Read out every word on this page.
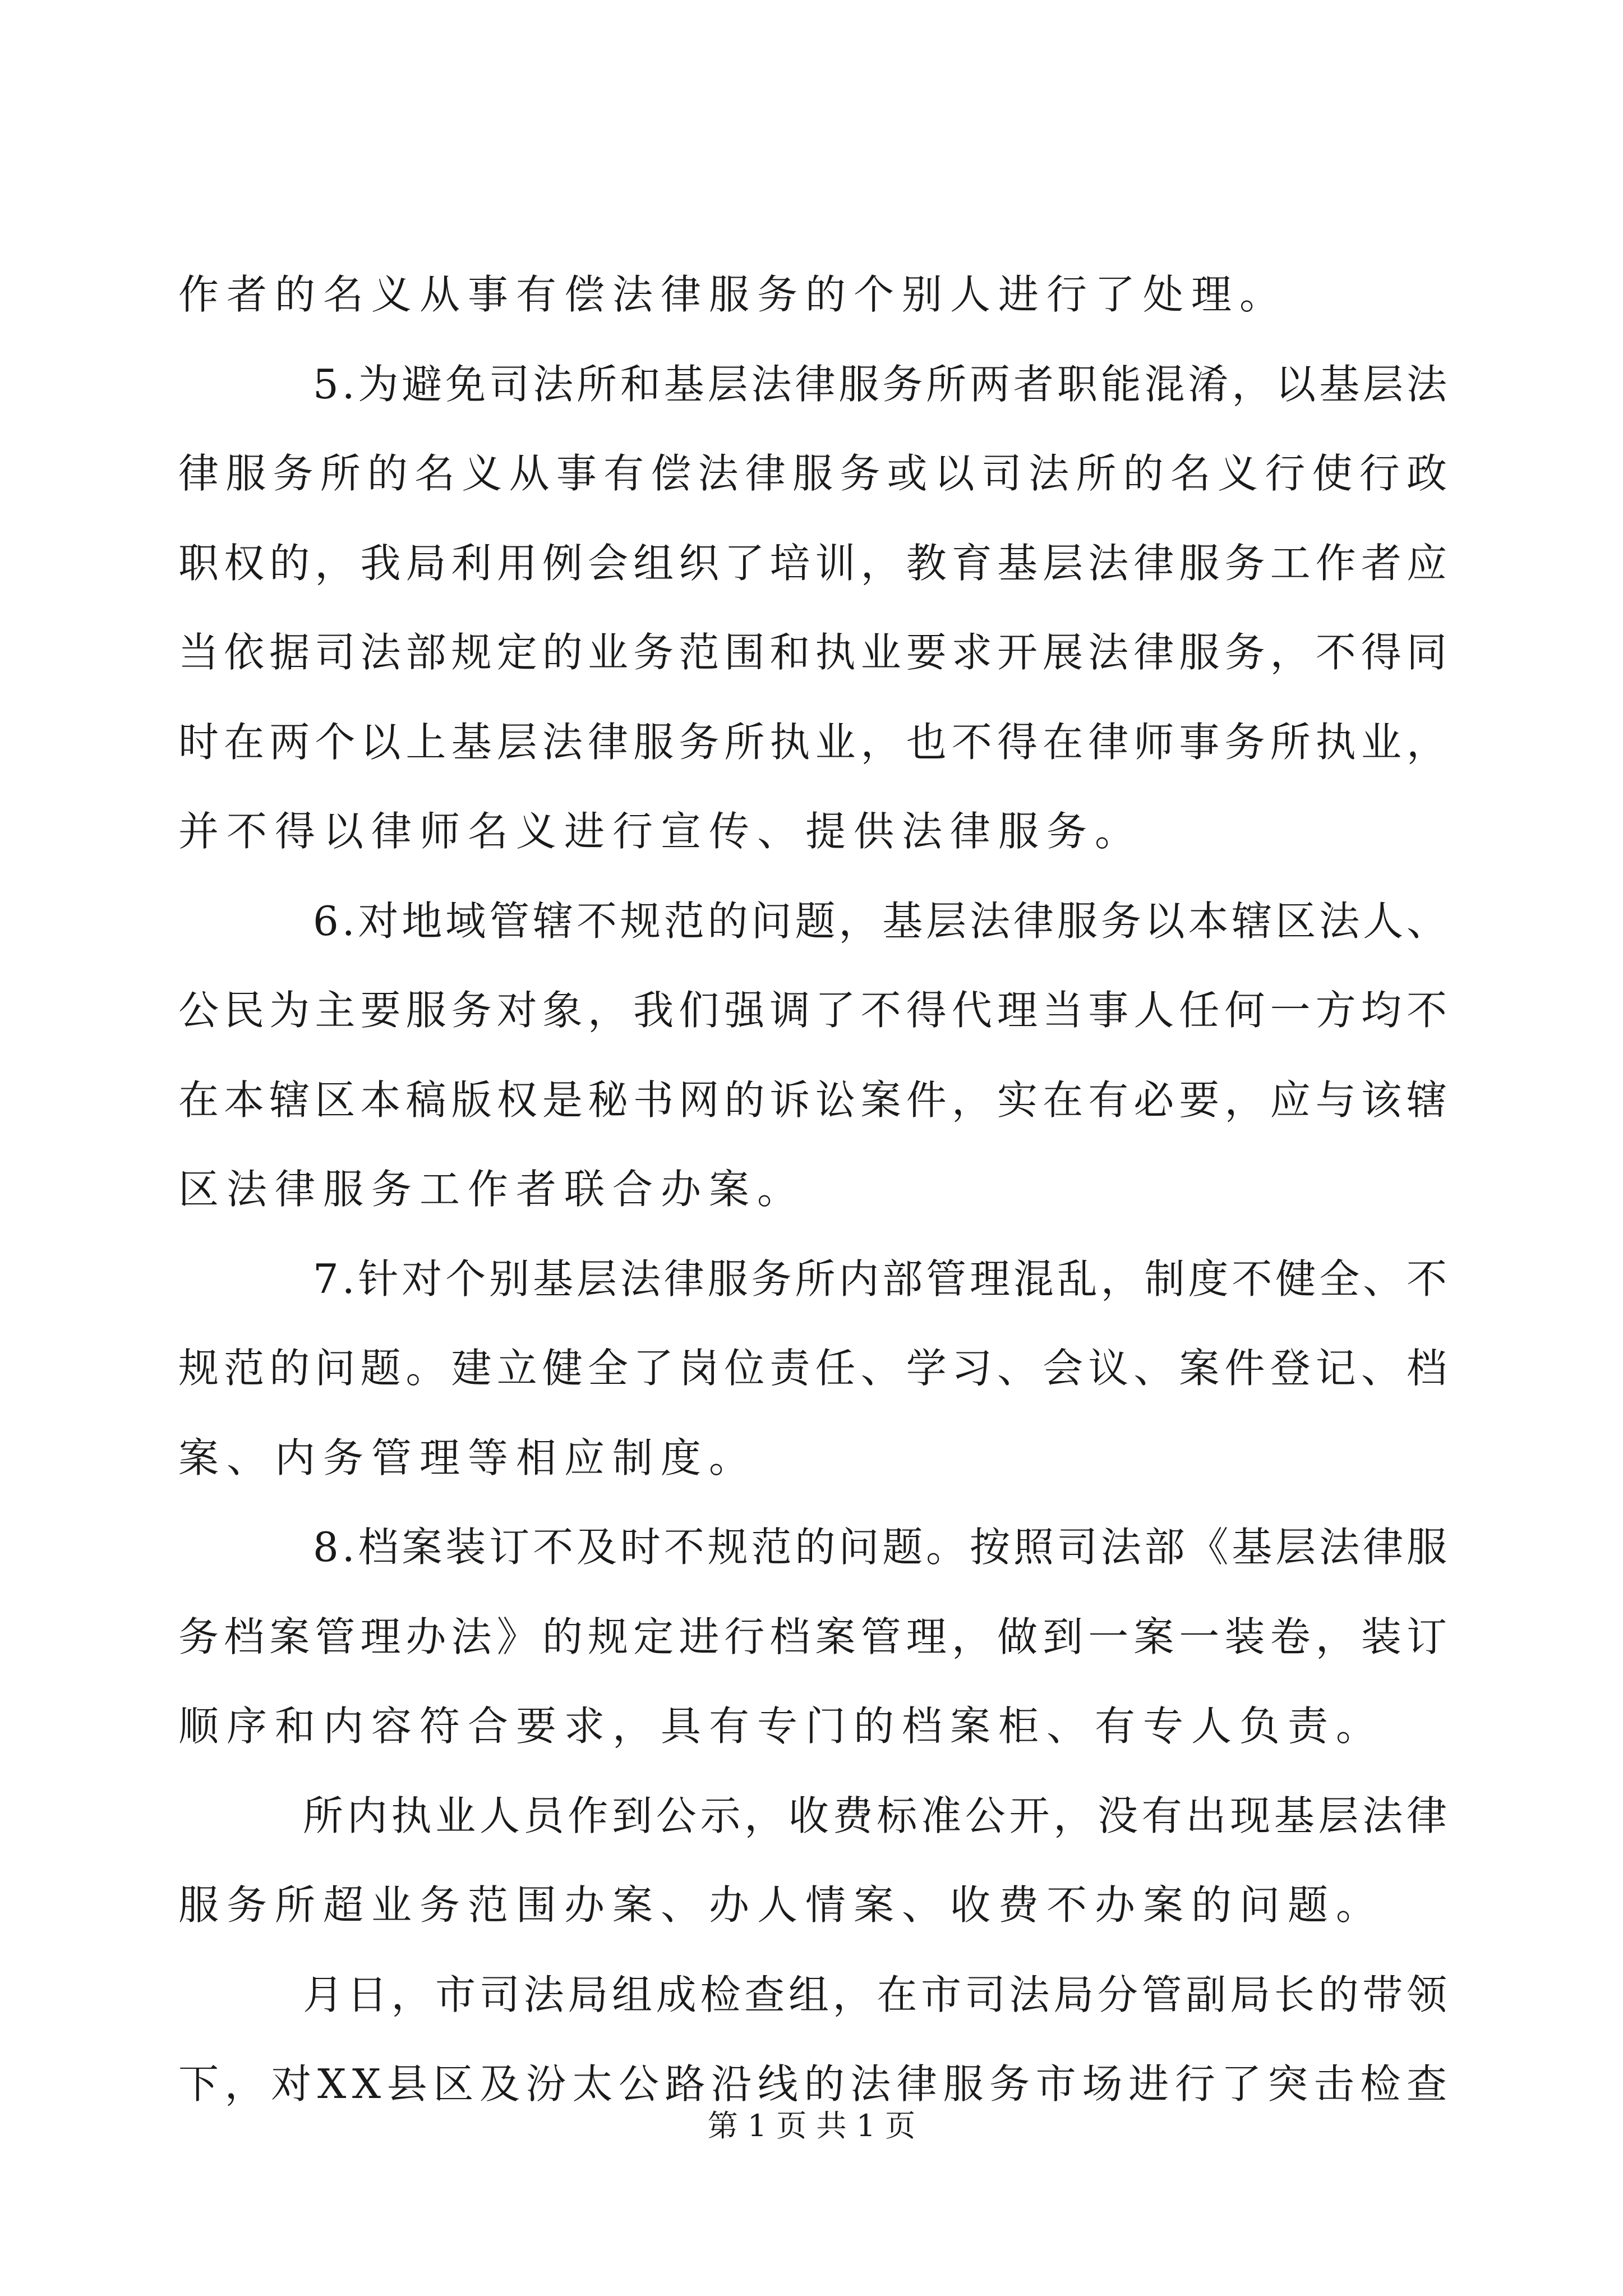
作者的名义从事有偿法律服务的个别人进行了处理。

5.为避免司法所和基层法律服务所两者职能混淆，以基层法

律服务所的名义从事有偿法律服务或以司法所的名义行使行政

职权的，我局利用例会组织了培训，教育基层法律服务工作者应

当依据司法部规定的业务范围和执业要求开展法律服务，不得同

时在两个以上基层法律服务所执业，也不得在律师事务所执业，

并不得以律师名义进行宣传、提供法律服务。

6.对地域管辖不规范的问题，基层法律服务以本辖区法人、

公民为主要服务对象，我们强调了不得代理当事人任何一方均不

在本辖区本稿版权是秘书网的诉讼案件，实在有必要，应与该辖

区法律服务工作者联合办案。

7.针对个别基层法律服务所内部管理混乱，制度不健全、不

规范的问题。建立健全了岗位责任、学习、会议、案件登记、档

案、内务管理等相应制度。

8.档案装订不及时不规范的问题。按照司法部《基层法律服

务档案管理办法》的规定进行档案管理，做到一案一装卷，装订

顺序和内容符合要求，具有专门的档案柜、有专人负责。

所内执业人员作到公示，收费标准公开，没有出现基层法律

服务所超业务范围办案、办人情案、收费不办案的问题。

月日，市司法局组成检查组，在市司法局分管副局长的带领

下，对XX县区及汾太公路沿线的法律服务市场进行了突击检查

第 1 页 共 1 页
